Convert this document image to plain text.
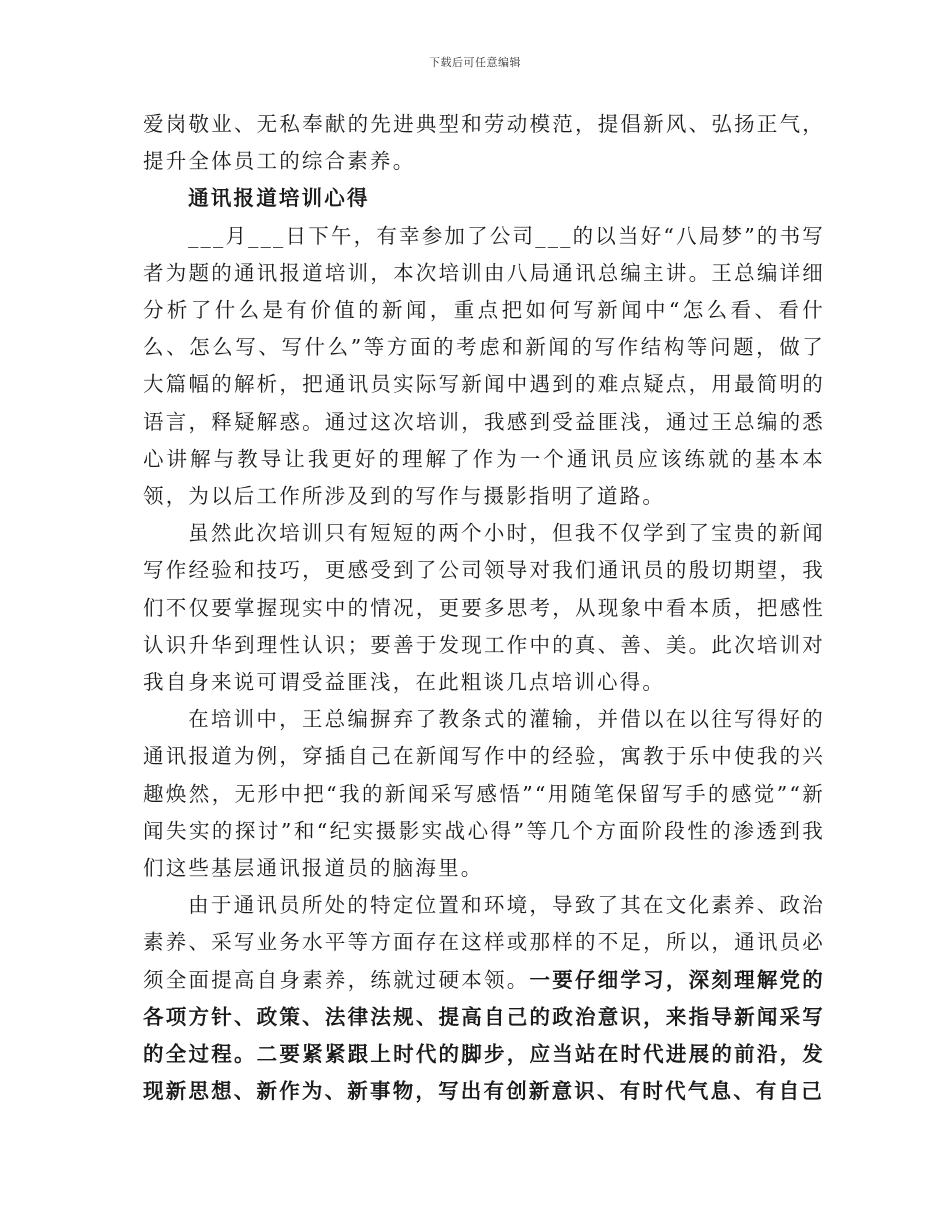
下载后可任意编辑

爱岗敬业、无私奉献的先进典型和劳动模范，提倡新风、弘扬正气，提升全体员工的综合素养。

通讯报道培训心得

___月___日下午，有幸参加了公司___的以当好“八局梦”的书写者为题的通讯报道培训，本次培训由八局通讯总编主讲。王总编详细分析了什么是有价值的新闻，重点把如何写新闻中“怎么看、看什么、怎么写、写什么”等方面的考虑和新闻的写作结构等问题，做了大篇幅的解析，把通讯员实际写新闻中遇到的难点疑点，用最简明的语言，释疑解惑。通过这次培训，我感到受益匪浅，通过王总编的悉心讲解与教导让我更好的理解了作为一个通讯员应该练就的基本本领，为以后工作所涉及到的写作与摄影指明了道路。

虽然此次培训只有短短的两个小时，但我不仅学到了宝贵的新闻写作经验和技巧，更感受到了公司领导对我们通讯员的殷切期望，我们不仅要掌握现实中的情况，更要多思考，从现象中看本质，把感性认识升华到理性认识；要善于发现工作中的真、善、美。此次培训对我自身来说可谓受益匪浅，在此粗谈几点培训心得。

在培训中，王总编摒弃了教条式的灌输，并借以在以往写得好的通讯报道为例，穿插自己在新闻写作中的经验，寓教于乐中使我的兴趣焕然，无形中把“我的新闻采写感悟”“用随笔保留写手的感觉”“新闻失实的探讨”和“纪实摄影实战心得”等几个方面阶段性的渗透到我们这些基层通讯报道员的脑海里。

由于通讯员所处的特定位置和环境，导致了其在文化素养、政治素养、采写业务水平等方面存在这样或那样的不足，所以，通讯员必须全面提高自身素养，练就过硬本领。一要仔细学习，深刻理解党的各项方针、政策、法律法规、提高自己的政治意识，来指导新闻采写的全过程。二要紧紧跟上时代的脚步，应当站在时代进展的前沿，发现新思想、新作为、新事物，写出有创新意识、有时代气息、有自己
